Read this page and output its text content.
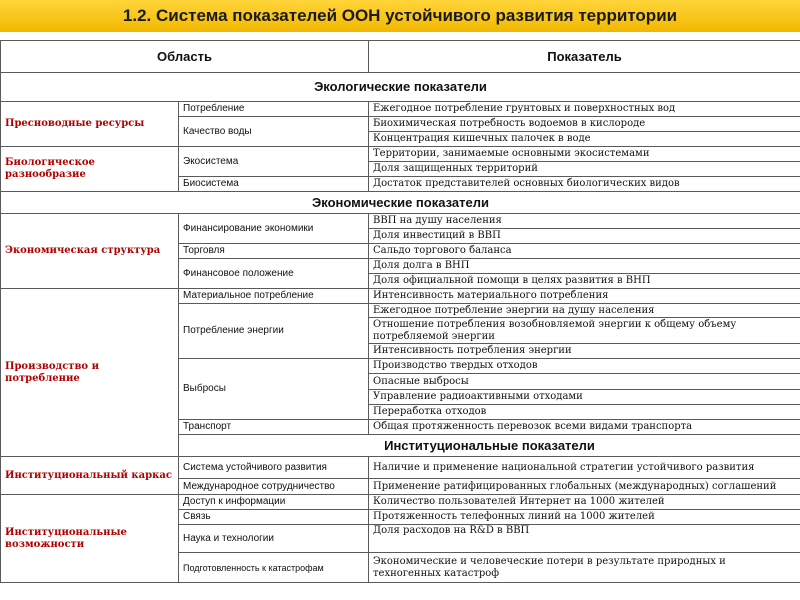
1.2. Система показателей ООН устойчивого развития территории
Область		Показатель
Экологические показатели		
Пресноводные ресурсы	Потребление	Ежегодное потребление грунтовых и поверхностных вод
	Качество воды	Биохимическая потребность водоемов в кислороде
		Концентрация кишечных палочек в воде
Биологическое разнообразие	Экосистема	Территории, занимаемые основными экосистемами
		Доля защищенных территорий
	Биосистема	Достаток представителей основных биологических видов
Экономические показатели		
Экономическая структура	Финансирование экономики	ВВП на душу населения
		Доля инвестиций в ВВП
	Торговля	Сальдо торгового баланса
	Финансовое положение	Доля долга в ВНП
		Доля официальной помощи в целях развития в ВНП
Производство и потребление	Материальное потребление	Интенсивность материального потребления
	Потребление энергии	Ежегодное потребление энергии на душу населения
		Отношение потребления возобновляемой энергии к общему объему потребляемой энергии
		Интенсивность потребления энергии
	Выбросы	Производство твердых отходов
		Опасные выбросы
		Управление радиоактивными отходами
		Переработка отходов
	Транспорт	Общая протяженность перевозок всеми видами транспорта
	Институциональные показатели	
Институциональный каркас	Система устойчивого развития	Наличие и применение национальной стратегии устойчивого развития
	Международное сотрудничество	Применение ратифицированных глобальных (международных) соглашений
Институциональные возможности	Доступ к информации	Количество пользователей Интернет на 1000 жителей
	Связь	Протяженность телефонных линий на 1000 жителей
	Наука и технологии	Доля расходов на R&D в ВВП
	Подготовленность к катастрофам	Экономические и человеческие потери в результате природных и техногенных катастроф
